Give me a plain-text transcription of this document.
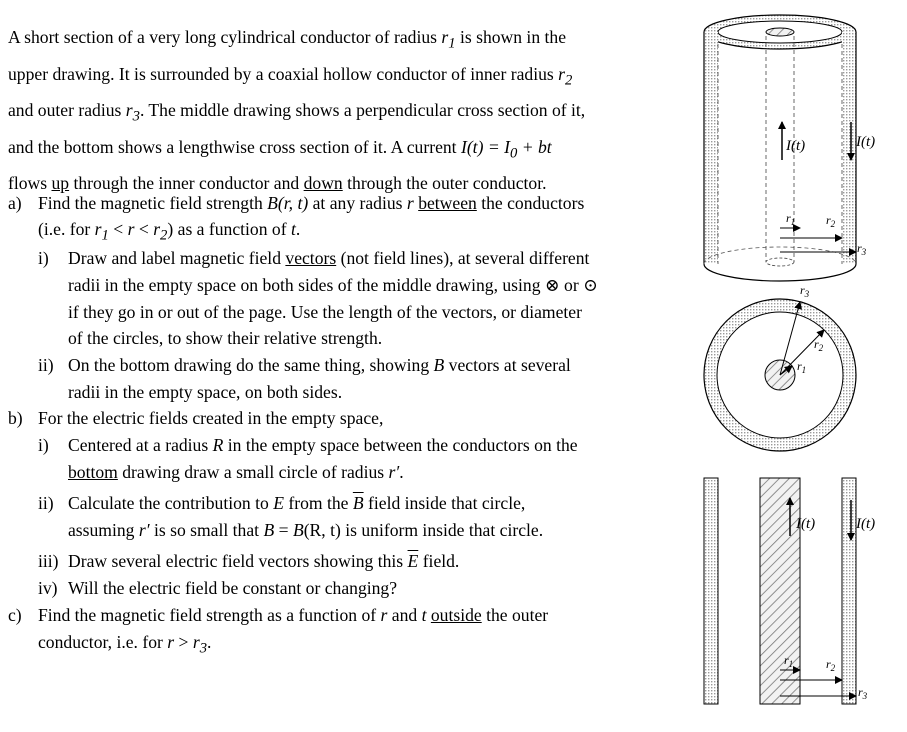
A short section of a very long cylindrical conductor of radius $r_1$ is shown in the
upper drawing. It is surrounded by a coaxial hollow conductor of inner radius $r_2$
and outer radius $r_3$. The middle drawing shows a perpendicular cross section of it,
and the bottom shows a lengthwise cross section of it. A current $I(t) = I_0$ + bt
flows up through the inner conductor and down through the outer conductor.
a) Find the magnetic field strength B(r, t) at any radius r between the conductors
(i.e. for $r_1 < r < r_2$) as a function of t.
i) Draw and label magnetic field vectors (not field lines), at several different
radii in the empty space on both sides of the middle drawing, using ⊗ or ⊙
if they go in or out of the page. Use the length of the vectors, or diameter
of the circles, to show their relative strength.
ii) On the bottom drawing do the same thing, showing B vectors at several
radii in the empty space, on both sides.
b) For the electric fields created in the empty space,
i) Centered at a radius R in the empty space between the conductors on the
bottom drawing draw a small circle of radius r′.
ii) Calculate the contribution to E from the $\overline{B}$ field inside that circle,
assuming r′ is so small that B = B(R, t) is uniform inside that circle.
iii) Draw several electric field vectors showing this $\overline{E}$ field.
iv) Will the electric field be constant or changing?
c) Find the magnetic field strength as a function of r and t outside the outer
conductor, i.e. for $r > r_3$.
I(t)	I(t)
$r_1$	$r_2$
$r_3$
$r_1$
$r_2$
$r_3$
I(t)	I(t)
$r_1$	$r_2$
$r_3$
